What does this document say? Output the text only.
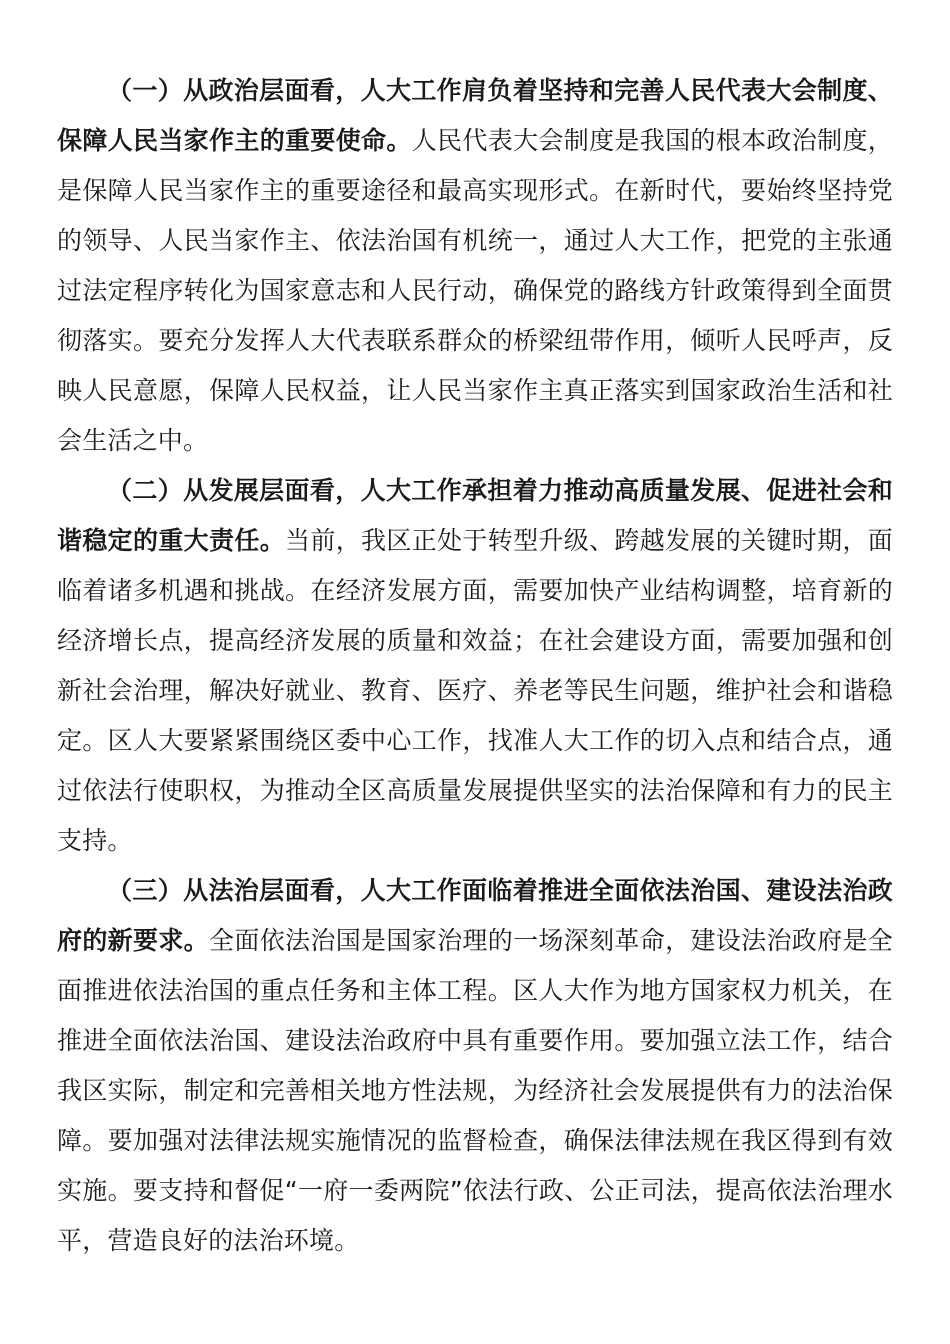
（一）从政治层面看，人大工作肩负着坚持和完善人民代表大会制度、保障人民当家作主的重要使命。人民代表大会制度是我国的根本政治制度，是保障人民当家作主的重要途径和最高实现形式。在新时代，要始终坚持党的领导、人民当家作主、依法治国有机统一，通过人大工作，把党的主张通过法定程序转化为国家意志和人民行动，确保党的路线方针政策得到全面贯彻落实。要充分发挥人大代表联系群众的桥梁纽带作用，倾听人民呼声，反映人民意愿，保障人民权益，让人民当家作主真正落实到国家政治生活和社会生活之中。

（二）从发展层面看，人大工作承担着力推动高质量发展、促进社会和谐稳定的重大责任。当前，我区正处于转型升级、跨越发展的关键时期，面临着诸多机遇和挑战。在经济发展方面，需要加快产业结构调整，培育新的经济增长点，提高经济发展的质量和效益；在社会建设方面，需要加强和创新社会治理，解决好就业、教育、医疗、养老等民生问题，维护社会和谐稳定。区人大要紧紧围绕区委中心工作，找准人大工作的切入点和结合点，通过依法行使职权，为推动全区高质量发展提供坚实的法治保障和有力的民主支持。

（三）从法治层面看，人大工作面临着推进全面依法治国、建设法治政府的新要求。全面依法治国是国家治理的一场深刻革命，建设法治政府是全面推进依法治国的重点任务和主体工程。区人大作为地方国家权力机关，在推进全面依法治国、建设法治政府中具有重要作用。要加强立法工作，结合我区实际，制定和完善相关地方性法规，为经济社会发展提供有力的法治保障。要加强对法律法规实施情况的监督检查，确保法律法规在我区得到有效实施。要支持和督促“一府一委两院”依法行政、公正司法，提高依法治理水平，营造良好的法治环境。
